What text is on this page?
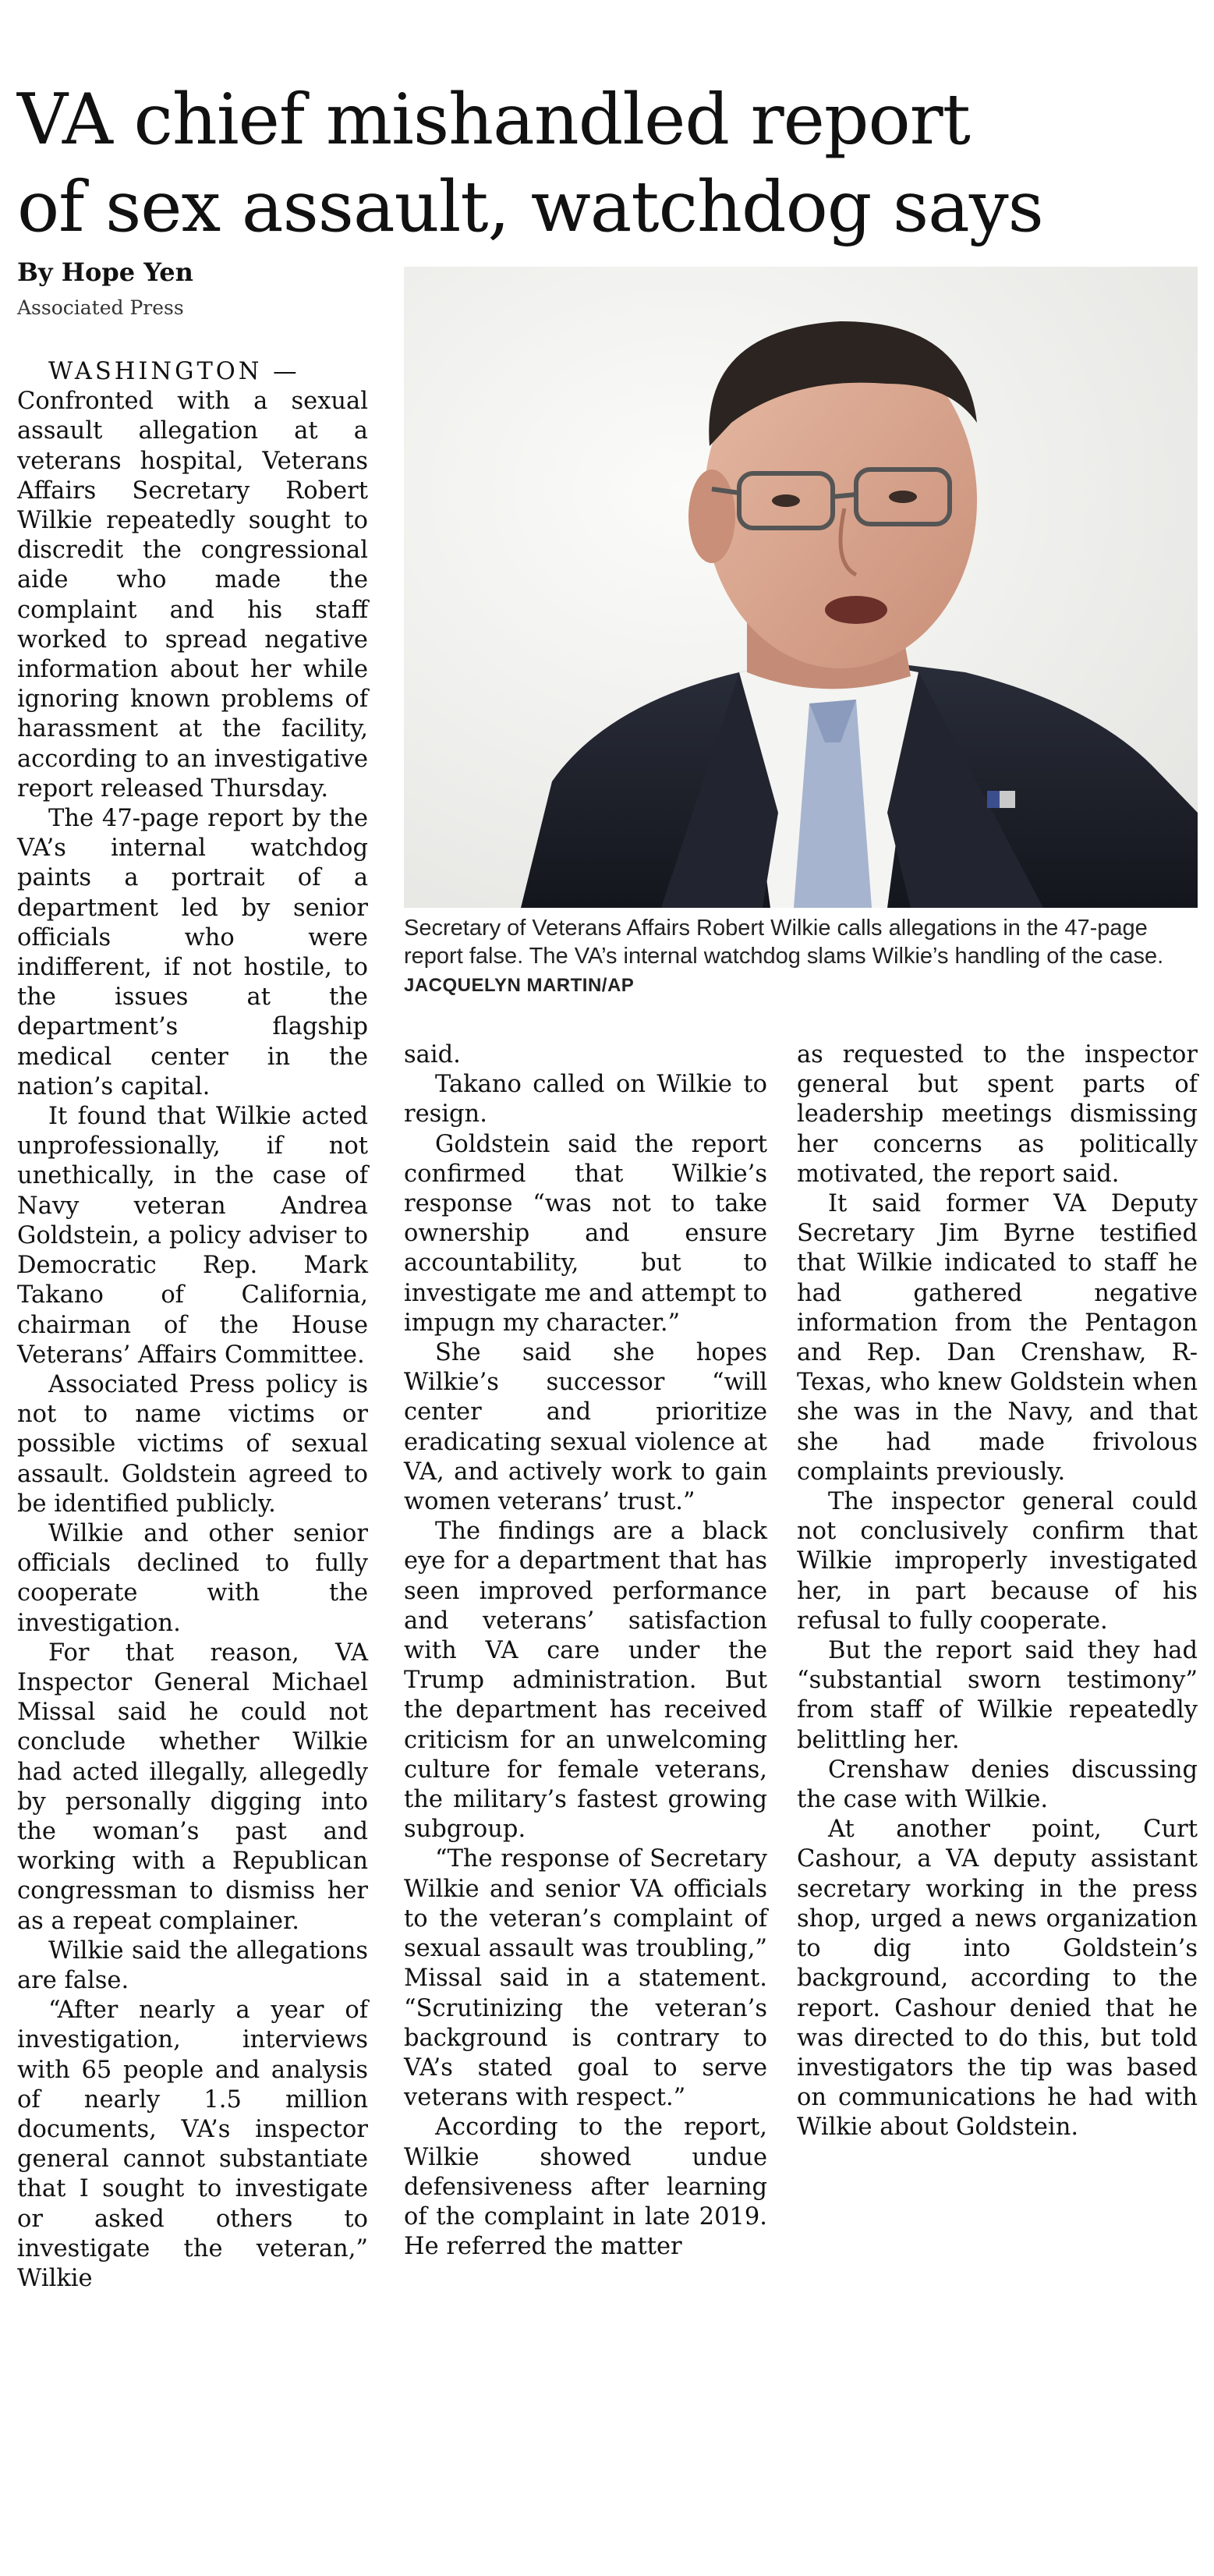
VA chief mishandled report
of sex assault, watchdog says
By Hope Yen
Associated Press
Secretary of Veterans Affairs Robert Wilkie calls allegations in the 47-page report false. The VA’s internal watchdog slams Wilkie’s handling of the case. JACQUELYN MARTIN/AP

WASHINGTON —
Confronted with a sexual assault allegation at a veterans hospital, Veterans Affairs Secretary Robert Wilkie repeatedly sought to discredit the congressional aide who made the complaint and his staff worked to spread negative information about her while ignoring known problems of harassment at the facility, according to an investigative report released Thursday.

The 47-page report by the VA’s internal watchdog paints a portrait of a department led by senior officials who were indifferent, if not hostile, to the issues at the department’s flagship medical center in the nation’s capital.

It found that Wilkie acted unprofessionally, if not unethically, in the case of Navy veteran Andrea Goldstein, a policy adviser to Democratic Rep. Mark Takano of California, chairman of the House Veterans’ Affairs Committee.

Associated Press policy is not to name victims or possible victims of sexual assault. Goldstein agreed to be identified publicly.

Wilkie and other senior officials declined to fully cooperate with the investigation.

For that reason, VA Inspector General Michael Missal said he could not conclude whether Wilkie had acted illegally, allegedly by personally digging into the woman’s past and working with a Republican congressman to dismiss her as a repeat complainer.

Wilkie said the allegations are false.

“After nearly a year of investigation, interviews with 65 people and analysis of nearly 1.5 million documents, VA’s inspector general cannot substantiate that I sought to investigate or asked others to investigate the veteran,” Wilkie

said.

Takano called on Wilkie to resign.

Goldstein said the report confirmed that Wilkie’s response “was not to take ownership and ensure accountability, but to investigate me and attempt to impugn my character.”

She said she hopes Wilkie’s successor “will center and prioritize eradicating sexual violence at VA, and actively work to gain women veterans’ trust.”

The findings are a black eye for a department that has seen improved performance and veterans’ satisfaction with VA care under the Trump administration. But the department has received criticism for an unwelcoming culture for female veterans, the military’s fastest growing subgroup.

“The response of Secretary Wilkie and senior VA officials to the veteran’s complaint of sexual assault was troubling,” Missal said in a statement. “Scrutinizing the veteran’s background is contrary to VA’s stated goal to serve veterans with respect.”

According to the report, Wilkie showed undue defensiveness after learning of the complaint in late 2019. He referred the matter

as requested to the inspector general but spent parts of leadership meetings dismissing her concerns as politically motivated, the report said.

It said former VA Deputy Secretary Jim Byrne testified that Wilkie indicated to staff he had gathered negative information from the Pentagon and Rep. Dan Crenshaw, R-Texas, who knew Goldstein when she was in the Navy, and that she had made frivolous complaints previously.

The inspector general could not conclusively confirm that Wilkie improperly investigated her, in part because of his refusal to fully cooperate.

But the report said they had “substantial sworn testimony” from staff of Wilkie repeatedly belittling her.

Crenshaw denies discussing the case with Wilkie.

At another point, Curt Cashour, a VA deputy assistant secretary working in the press shop, urged a news organization to dig into Goldstein’s background, according to the report. Cashour denied that he was directed to do this, but told investigators the tip was based on communications he had with Wilkie about Goldstein.
